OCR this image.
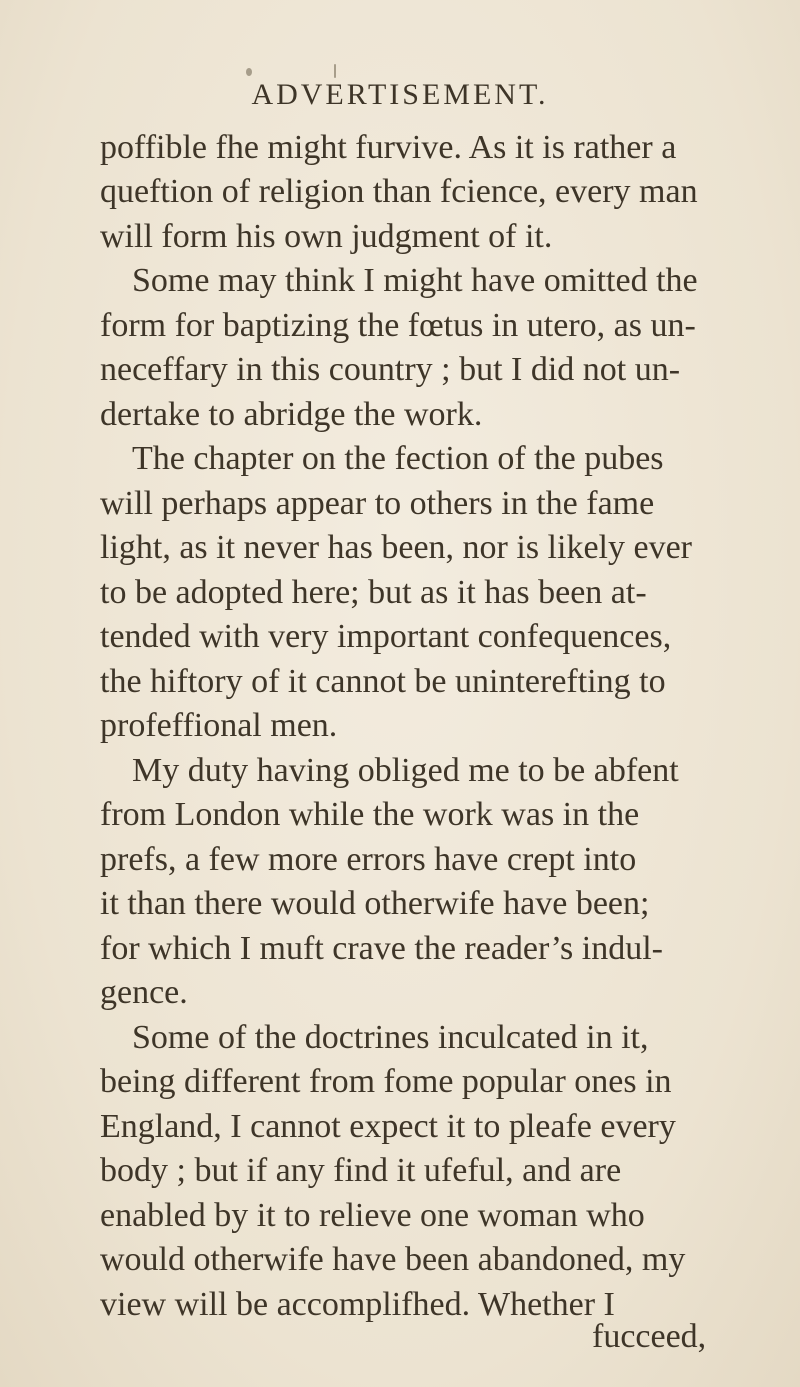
ADVERTISEMENT.
poffible fhe might furvive. As it is rather a
queftion of religion than fcience, every man
will form his own judgment of it.
Some may think I might have omitted the
form for baptizing the fœtus in utero, as un-
neceffary in this country ; but I did not un-
dertake to abridge the work.
The chapter on the fection of the pubes
will perhaps appear to others in the fame
light, as it never has been, nor is likely ever
to be adopted here; but as it has been at-
tended with very important confequences,
the hiftory of it cannot be uninterefting to
profeffional men.
My duty having obliged me to be abfent
from London while the work was in the
prefs, a few more errors have crept into
it than there would otherwife have been;
for which I muft crave the reader’s indul-
gence.
Some of the doctrines inculcated in it,
being different from fome popular ones in
England, I cannot expect it to pleafe every
body ; but if any find it ufeful, and are
enabled by it to relieve one woman who
would otherwife have been abandoned, my
view will be accomplifhed. Whether I
fucceed,
